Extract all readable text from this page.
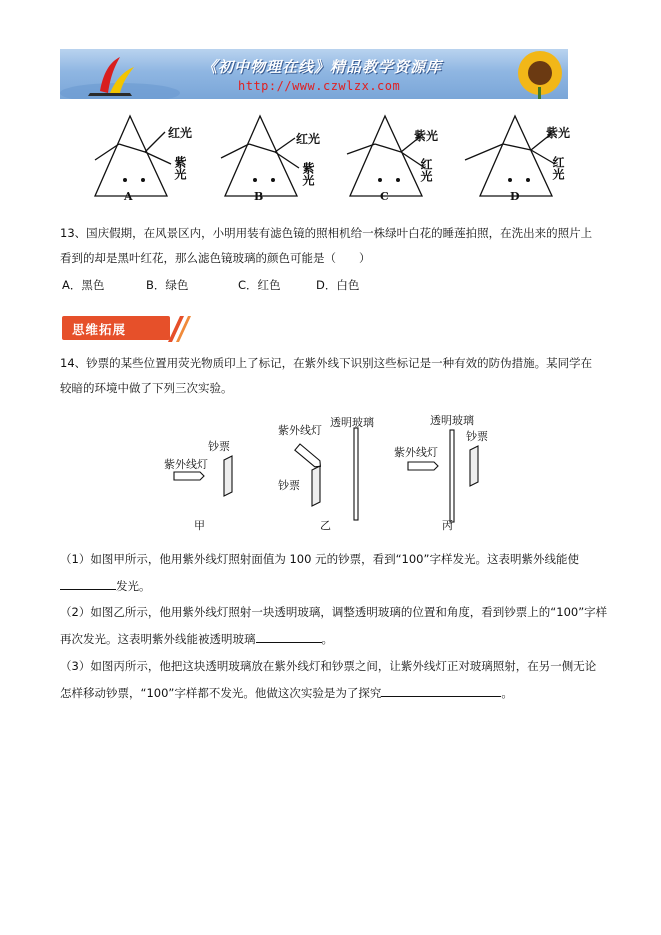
《初中物理在线》精品教学资源库
http://www.czwlzx.com
红光
紫光
A
红光
紫光
B
紫光
红光
C
紫光
红光
D
13、国庆假期，在风景区内，小明用装有滤色镜的照相机给一株绿叶白花的睡莲拍照，在洗出来的照片上
看到的却是黑叶红花，那么滤色镜玻璃的颜色可能是（　　）
A．黑色	B．绿色	C．红色	D．白色
思维拓展
14、钞票的某些位置用荧光物质印上了标记，在紫外线下识别这些标记是一种有效的防伪措施。某同学在
较暗的环境中做了下列三次实验。
钞票
紫外线灯
甲
紫外线灯
透明玻璃
钞票
乙
透明玻璃
紫外线灯
钞票
丙
（1）如图甲所示，他用紫外线灯照射面值为 100 元的钞票，看到“100”字样发光。这表明紫外线能使
发光。
（2）如图乙所示，他用紫外线灯照射一块透明玻璃，调整透明玻璃的位置和角度，看到钞票上的“100”字样
再次发光。这表明紫外线能被透明玻璃	。
（3）如图丙所示，他把这块透明玻璃放在紫外线灯和钞票之间，让紫外线灯正对玻璃照射，在另一侧无论
怎样移动钞票，“100”字样都不发光。他做这次实验是为了探究	。
